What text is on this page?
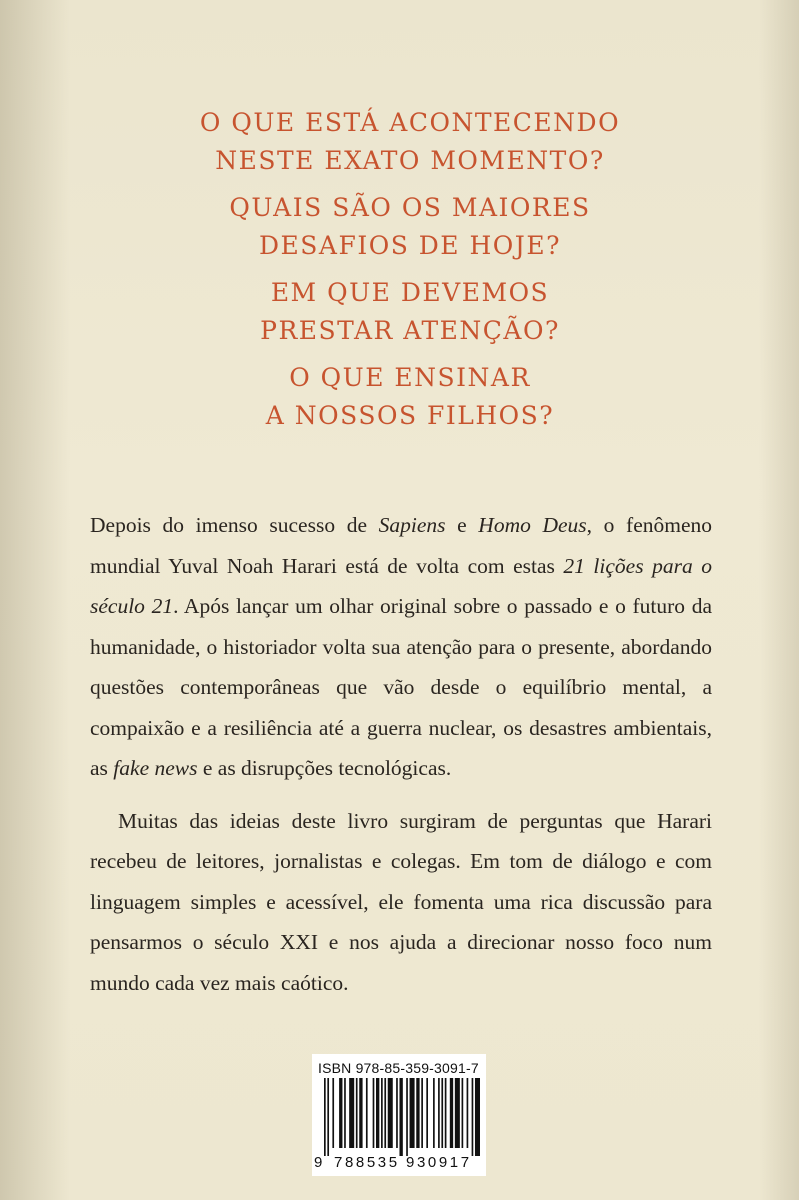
O QUE ESTÁ ACONTECENDO
NESTE EXATO MOMENTO?
QUAIS SÃO OS MAIORES
DESAFIOS DE HOJE?
EM QUE DEVEMOS
PRESTAR ATENÇÃO?
O QUE ENSINAR
A NOSSOS FILHOS?

Depois do imenso sucesso de Sapiens e Homo Deus, o fenômeno mundial Yuval Noah Harari está de volta com estas 21 lições para o século 21. Após lançar um olhar original sobre o passado e o futuro da humanidade, o historiador volta sua atenção para o presente, abordando questões contemporâneas que vão desde o equilíbrio mental, a compaixão e a resiliência até a guerra nuclear, os desastres ambientais, as fake news e as disrupções tecnológicas.

Muitas das ideias deste livro surgiram de perguntas que Harari recebeu de leitores, jornalistas e colegas. Em tom de diálogo e com linguagem simples e acessível, ele fomenta uma rica discussão para pensarmos o século XXI e nos ajuda a direcionar nosso foco num mundo cada vez mais caótico.

ISBN 978-85-359-3091-7
9 788535 930917
